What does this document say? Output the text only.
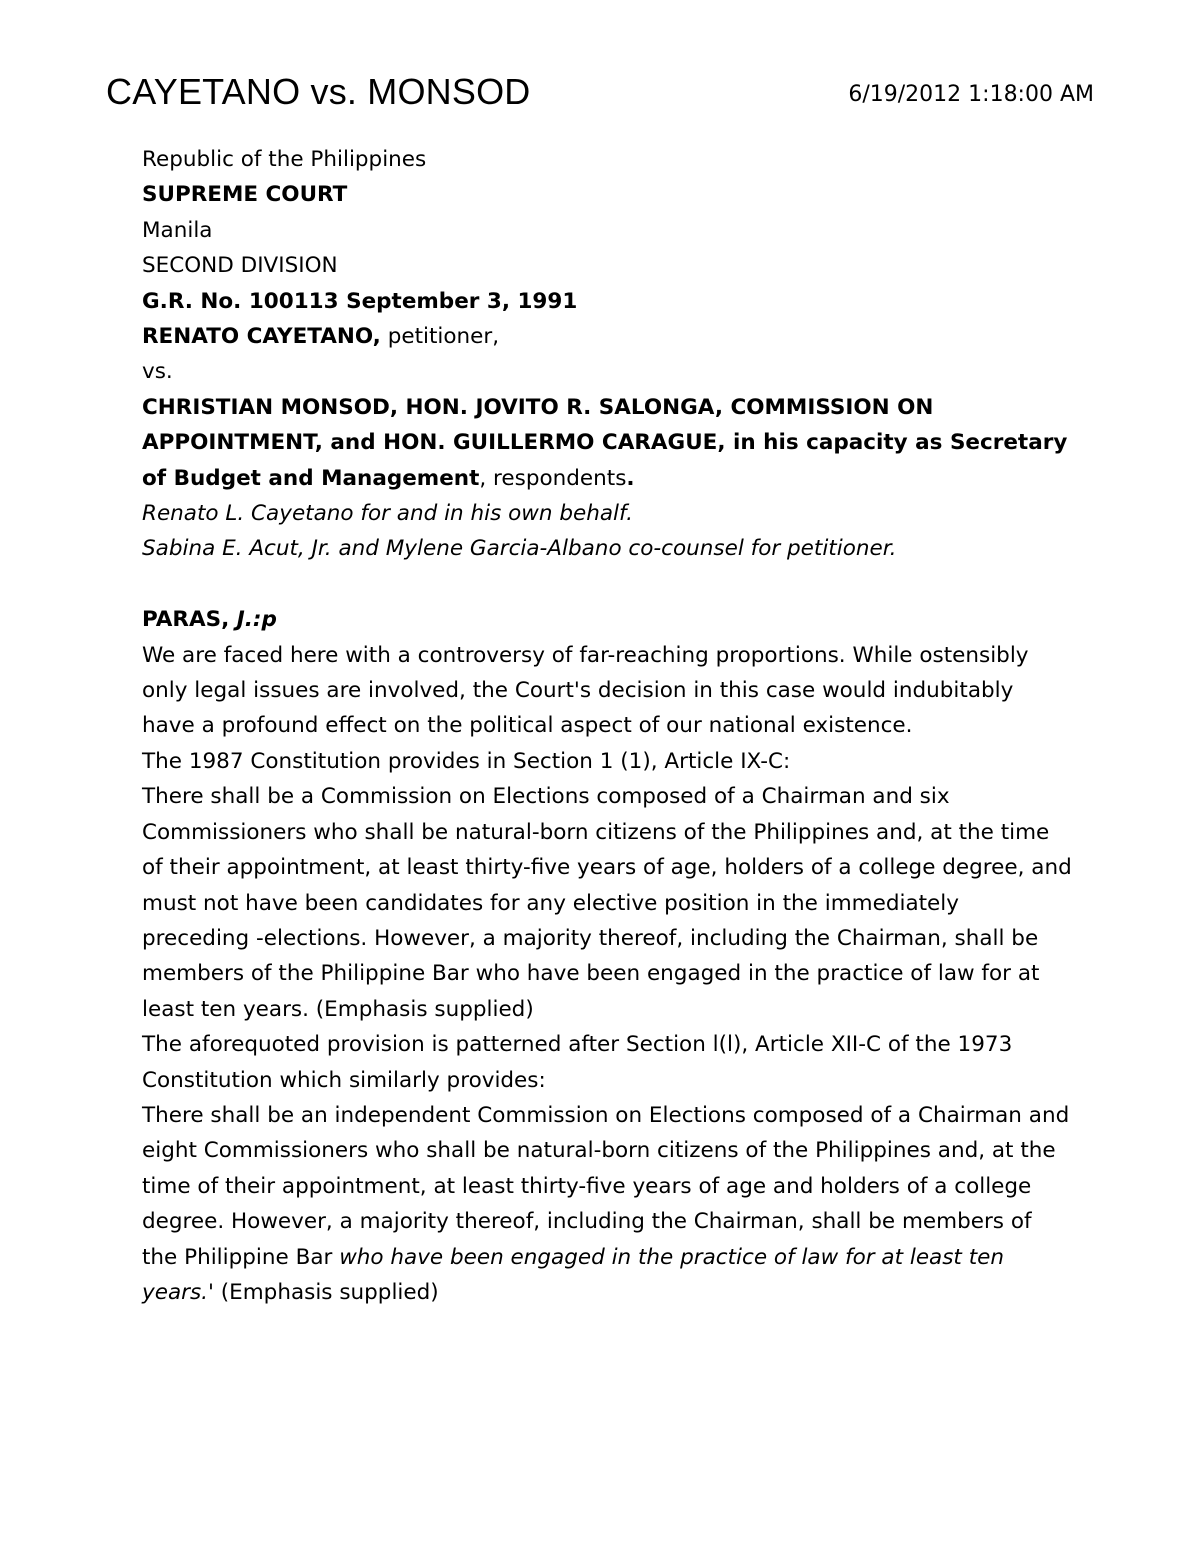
CAYETANO vs. MONSOD	6/19/2012 1:18:00 AM

Republic of the Philippines

SUPREME COURT

Manila

SECOND DIVISION

G.R. No. 100113 September 3, 1991

RENATO CAYETANO, petitioner,

vs.

CHRISTIAN MONSOD, HON. JOVITO R. SALONGA, COMMISSION ON APPOINTMENT, and HON. GUILLERMO CARAGUE, in his capacity as Secretary of Budget and Management, respondents.

Renato L. Cayetano for and in his own behalf.

Sabina E. Acut, Jr. and Mylene Garcia-Albano co-counsel for petitioner.

PARAS, J.:p

We are faced here with a controversy of far-reaching proportions. While ostensibly only legal issues are involved, the Court's decision in this case would indubitably have a profound effect on the political aspect of our national existence.

The 1987 Constitution provides in Section 1 (1), Article IX-C:

There shall be a Commission on Elections composed of a Chairman and six Commissioners who shall be natural-born citizens of the Philippines and, at the time of their appointment, at least thirty-five years of age, holders of a college degree, and must not have been candidates for any elective position in the immediately preceding -elections. However, a majority thereof, including the Chairman, shall be members of the Philippine Bar who have been engaged in the practice of law for at least ten years. (Emphasis supplied)

The aforequoted provision is patterned after Section l(l), Article XII-C of the 1973 Constitution which similarly provides:

There shall be an independent Commission on Elections composed of a Chairman and eight Commissioners who shall be natural-born citizens of the Philippines and, at the time of their appointment, at least thirty-five years of age and holders of a college degree. However, a majority thereof, including the Chairman, shall be members of the Philippine Bar who have been engaged in the practice of law for at least ten years.' (Emphasis supplied)
